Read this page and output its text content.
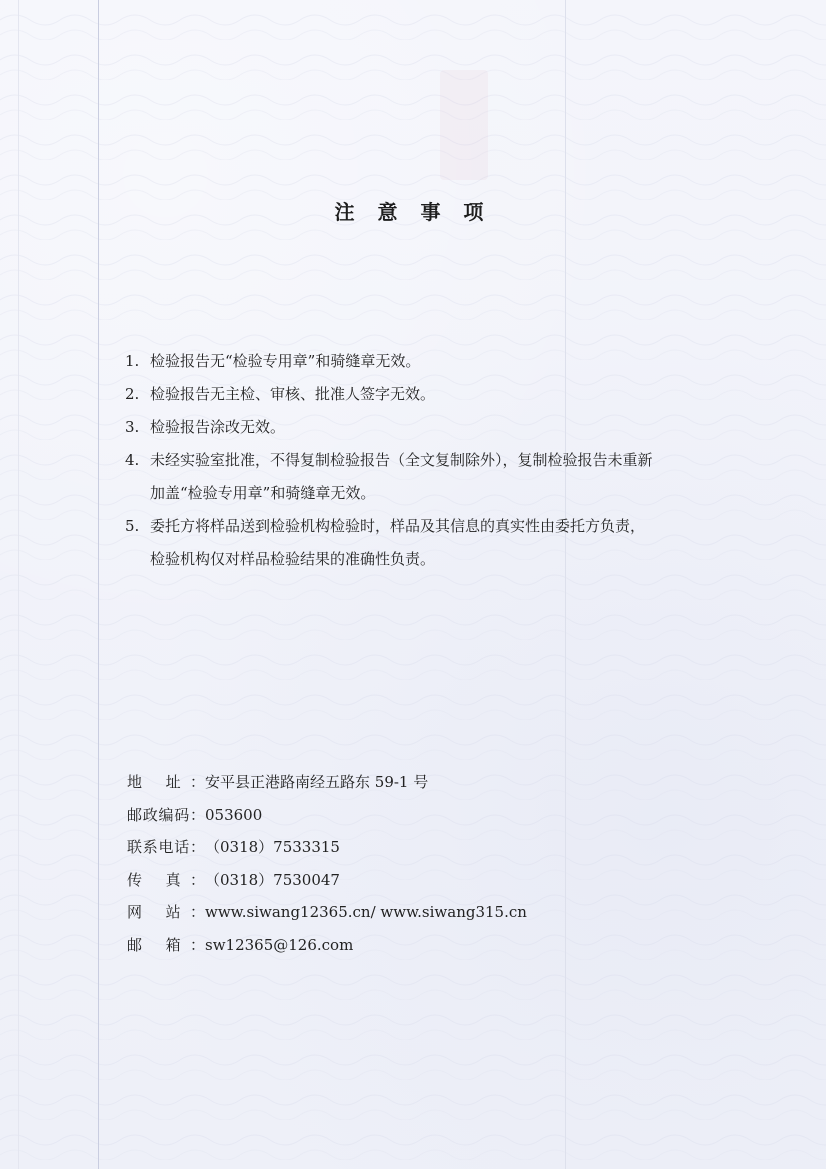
注 意 事 项
1. 检验报告无“检验专用章”和骑缝章无效。
2. 检验报告无主检、审核、批准人签字无效。
3. 检验报告涂改无效。
4. 未经实验室批准，不得复制检验报告（全文复制除外），复制检验报告未重新
加盖“检验专用章”和骑缝章无效。
5. 委托方将样品送到检验机构检验时，样品及其信息的真实性由委托方负责，
检验机构仅对样品检验结果的准确性负责。
地 址：安平县正港路南经五路东 59-1 号
邮政编码：053600
联系电话：（0318）7533315
传 真：（0318）7530047
网 站：www.siwang12365.cn/ www.siwang315.cn
邮 箱：sw12365@126.com
